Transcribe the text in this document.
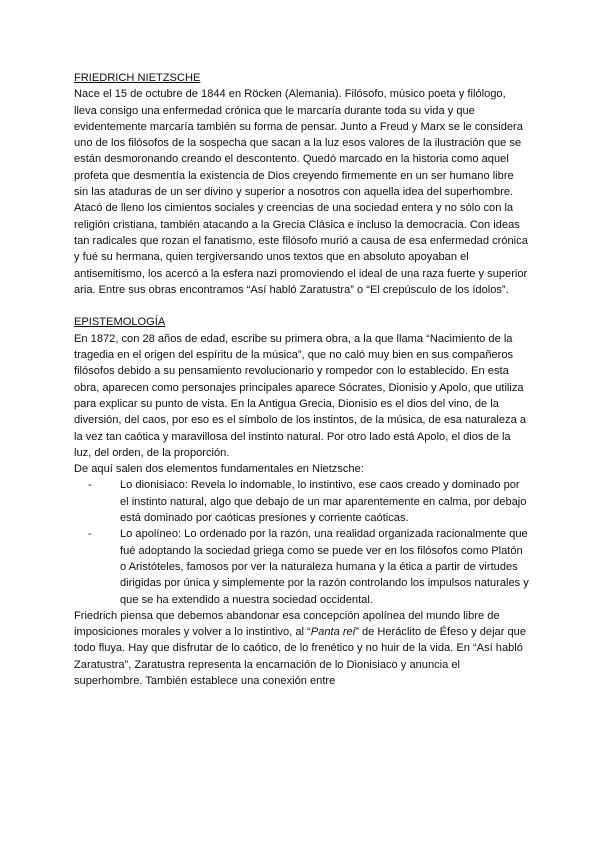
FRIEDRICH NIETZSCHE
Nace el 15 de octubre de 1844 en Röcken (Alemania). Filósofo, músico poeta y filólogo, lleva consigo una enfermedad crónica que le marcaría durante toda su vida y que evidentemente marcaría también su forma de pensar. Junto a Freud y Marx se le considera uno de los filósofos de la sospecha que sacan a la luz esos valores de la ilustración que se están desmoronando creando el descontento. Quedó marcado en la historia como aquel profeta que desmentía la existencia de Dios creyendo firmemente en un ser humano libre sin las ataduras de un ser divino y superior a nosotros con aquella idea del superhombre. Atacó de lleno los cimientos sociales y creencias de una sociedad entera y no sólo con la religión cristiana, también atacando a la Grecia Clásica e incluso la democracia. Con ideas tan radicales que rozan el fanatismo, este filósofo murió a causa de esa enfermedad crónica y fué su hermana, quien tergiversando unos textos que en absoluto apoyaban el antisemitismo, los acercó a la esfera nazi promoviendo el ideal de una raza fuerte y superior aria. Entre sus obras encontramos “Así habló Zaratustra” o “El crepúsculo de los ídolos”.
EPISTEMOLOGÍA
En 1872, con 28 años de edad, escribe su primera obra, a la que llama “Nacimiento de la tragedia en el origen del espíritu de la música”, que no caló muy bien en sus compañeros filósofos debido a su pensamiento revolucionario y rompedor con lo establecido. En esta obra, aparecen como personajes principales aparece Sócrates, Dionisio y Apolo, que utiliza para explicar su punto de vista. En la Antigua Grecia, Dionisio es el dios del vino, de la diversión, del caos, por eso es el símbolo de los instintos, de la música, de esa naturaleza a la vez tan caótica y maravillosa del instinto natural. Por otro lado está Apolo, el dios de la luz, del orden, de la proporción.
De aquí salen dos elementos fundamentales en Nietzsche:
-	Lo dionisiaco: Revela lo indomable, lo instintivo, ese caos creado y dominado por el instinto natural, algo que debajo de un mar aparentemente en calma, por debajo está dominado por caóticas presiones y corriente caóticas.
-	Lo apolíneo: Lo ordenado por la razón, una realidad organizada racionalmente que fué adoptando la sociedad griega como se puede ver en los filósofos como Platón o Aristóteles, famosos por ver la naturaleza humana y la ética a partir de virtudes dirigidas por única y simplemente por la razón controlando los impulsos naturales y que se ha extendido a nuestra sociedad occidental.
Friedrich piensa que debemos abandonar esa concepción apolínea del mundo libre de imposiciones morales y volver a lo instintivo, al “Panta rei” de Heráclito de Éfeso y dejar que todo fluya. Hay que disfrutar de lo caótico, de lo frenético y no huir de la vida. En “Así habló Zaratustra”, Zaratustra representa la encarnación de lo Dionisiaco y anuncia el superhombre. También establece una conexión entre
